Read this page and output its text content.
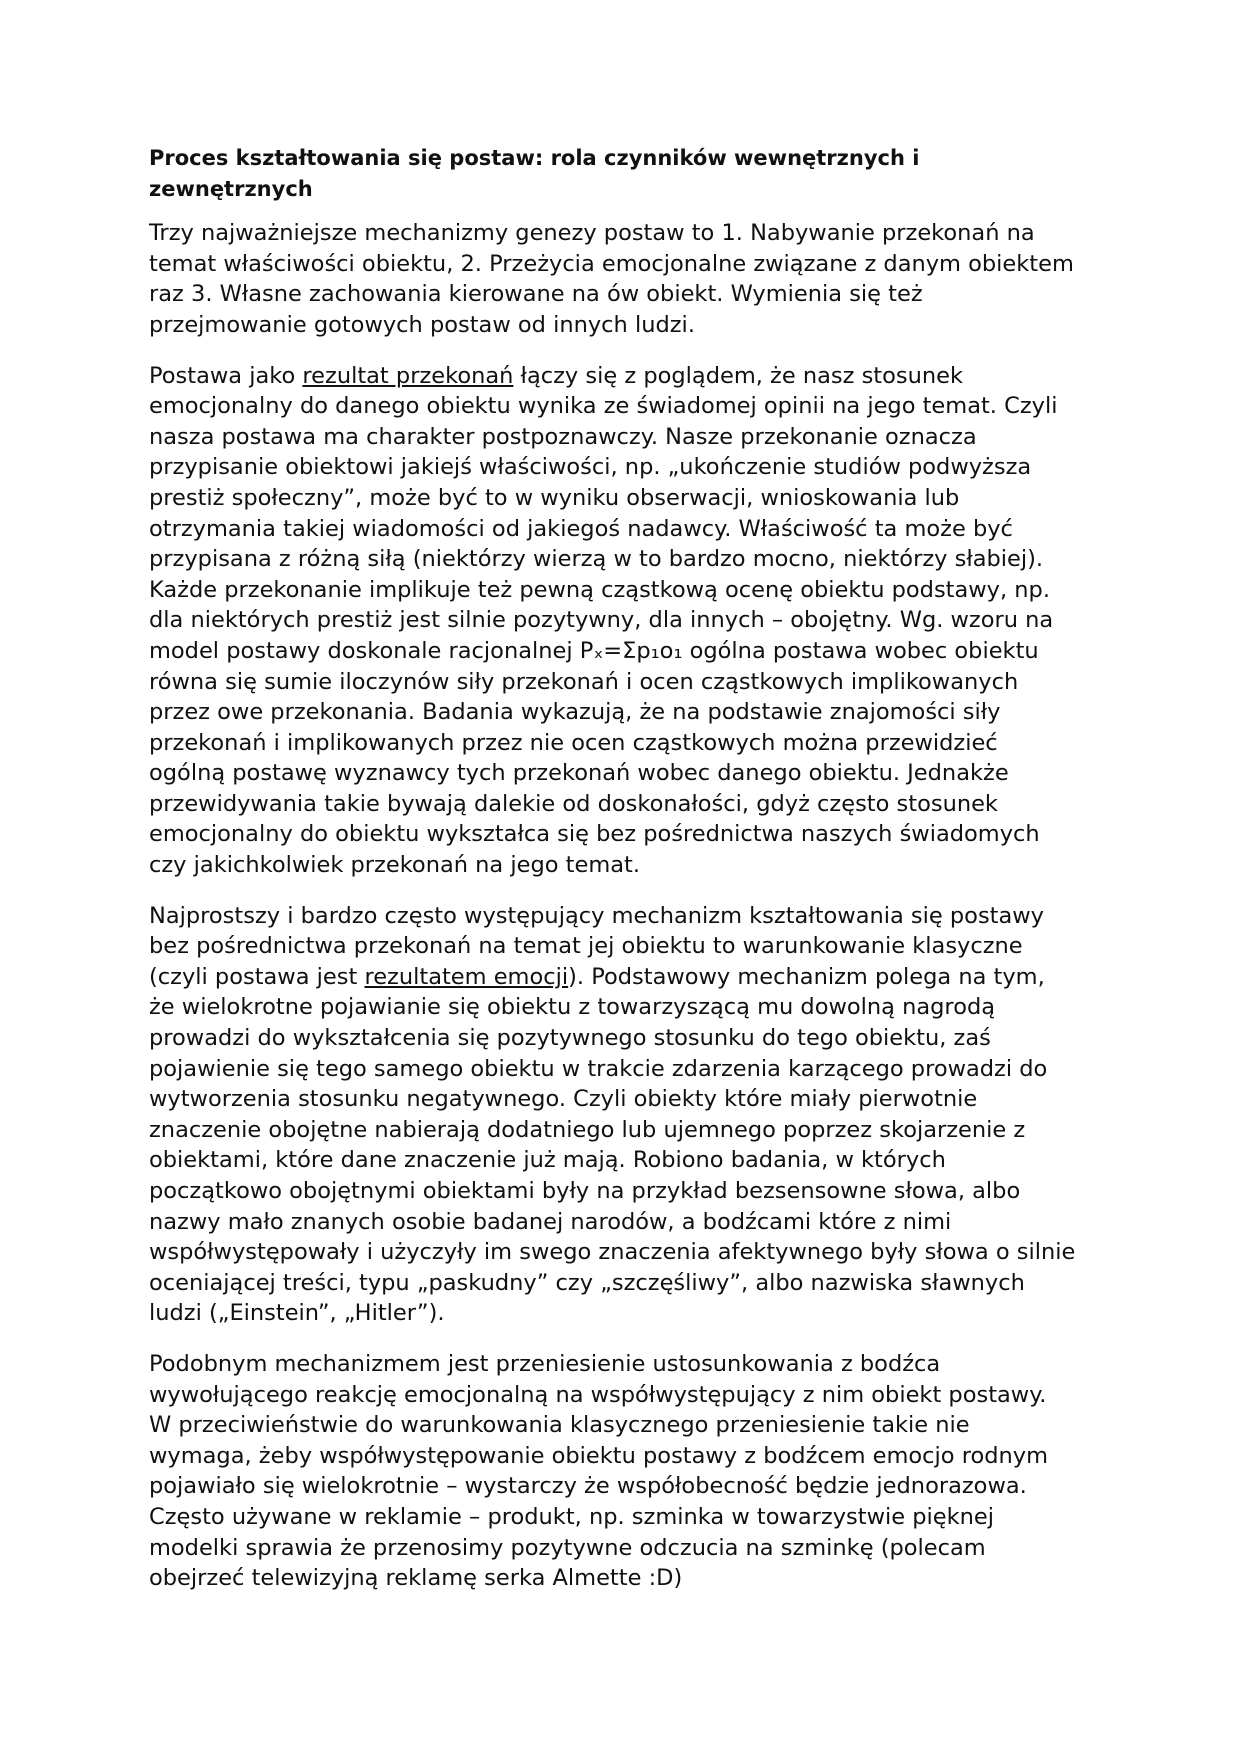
Proces kształtowania się postaw: rola czynników wewnętrznych i
zewnętrznych
Trzy najważniejsze mechanizmy genezy postaw to 1. Nabywanie przekonań na
temat właściwości obiektu, 2. Przeżycia emocjonalne związane z danym obiektem
raz 3. Własne zachowania kierowane na ów obiekt. Wymienia się też
przejmowanie gotowych postaw od innych ludzi.
Postawa jako rezultat przekonań łączy się z poglądem, że nasz stosunek
emocjonalny do danego obiektu wynika ze świadomej opinii na jego temat. Czyli
nasza postawa ma charakter postpoznawczy. Nasze przekonanie oznacza
przypisanie obiektowi jakiejś właściwości, np. „ukończenie studiów podwyższa
prestiż społeczny”, może być to w wyniku obserwacji, wnioskowania lub
otrzymania takiej wiadomości od jakiegoś nadawcy. Właściwość ta może być
przypisana z różną siłą (niektórzy wierzą w to bardzo mocno, niektórzy słabiej).
Każde przekonanie implikuje też pewną cząstkową ocenę obiektu podstawy, np.
dla niektórych prestiż jest silnie pozytywny, dla innych – obojętny. Wg. wzoru na
model postawy doskonale racjonalnej Pₓ=Σp₁o₁ ogólna postawa wobec obiektu
równa się sumie iloczynów siły przekonań i ocen cząstkowych implikowanych
przez owe przekonania. Badania wykazują, że na podstawie znajomości siły
przekonań i implikowanych przez nie ocen cząstkowych można przewidzieć
ogólną postawę wyznawcy tych przekonań wobec danego obiektu. Jednakże
przewidywania takie bywają dalekie od doskonałości, gdyż często stosunek
emocjonalny do obiektu wykształca się bez pośrednictwa naszych świadomych
czy jakichkolwiek przekonań na jego temat.
Najprostszy i bardzo często występujący mechanizm kształtowania się postawy
bez pośrednictwa przekonań na temat jej obiektu to warunkowanie klasyczne
(czyli postawa jest rezultatem emocji). Podstawowy mechanizm polega na tym,
że wielokrotne pojawianie się obiektu z towarzyszącą mu dowolną nagrodą
prowadzi do wykształcenia się pozytywnego stosunku do tego obiektu, zaś
pojawienie się tego samego obiektu w trakcie zdarzenia karzącego prowadzi do
wytworzenia stosunku negatywnego. Czyli obiekty które miały pierwotnie
znaczenie obojętne nabierają dodatniego lub ujemnego poprzez skojarzenie z
obiektami, które dane znaczenie już mają. Robiono badania, w których
początkowo obojętnymi obiektami były na przykład bezsensowne słowa, albo
nazwy mało znanych osobie badanej narodów, a bodźcami które z nimi
współwystępowały i użyczyły im swego znaczenia afektywnego były słowa o silnie
oceniającej treści, typu „paskudny” czy „szczęśliwy”, albo nazwiska sławnych
ludzi („Einstein”, „Hitler”).
Podobnym mechanizmem jest przeniesienie ustosunkowania z bodźca
wywołującego reakcję emocjonalną na współwystępujący z nim obiekt postawy.
W przeciwieństwie do warunkowania klasycznego przeniesienie takie nie
wymaga, żeby współwystępowanie obiektu postawy z bodźcem emocjo rodnym
pojawiało się wielokrotnie – wystarczy że współobecność będzie jednorazowa.
Często używane w reklamie – produkt, np. szminka w towarzystwie pięknej
modelki sprawia że przenosimy pozytywne odczucia na szminkę (polecam
obejrzeć telewizyjną reklamę serka Almette :D)
